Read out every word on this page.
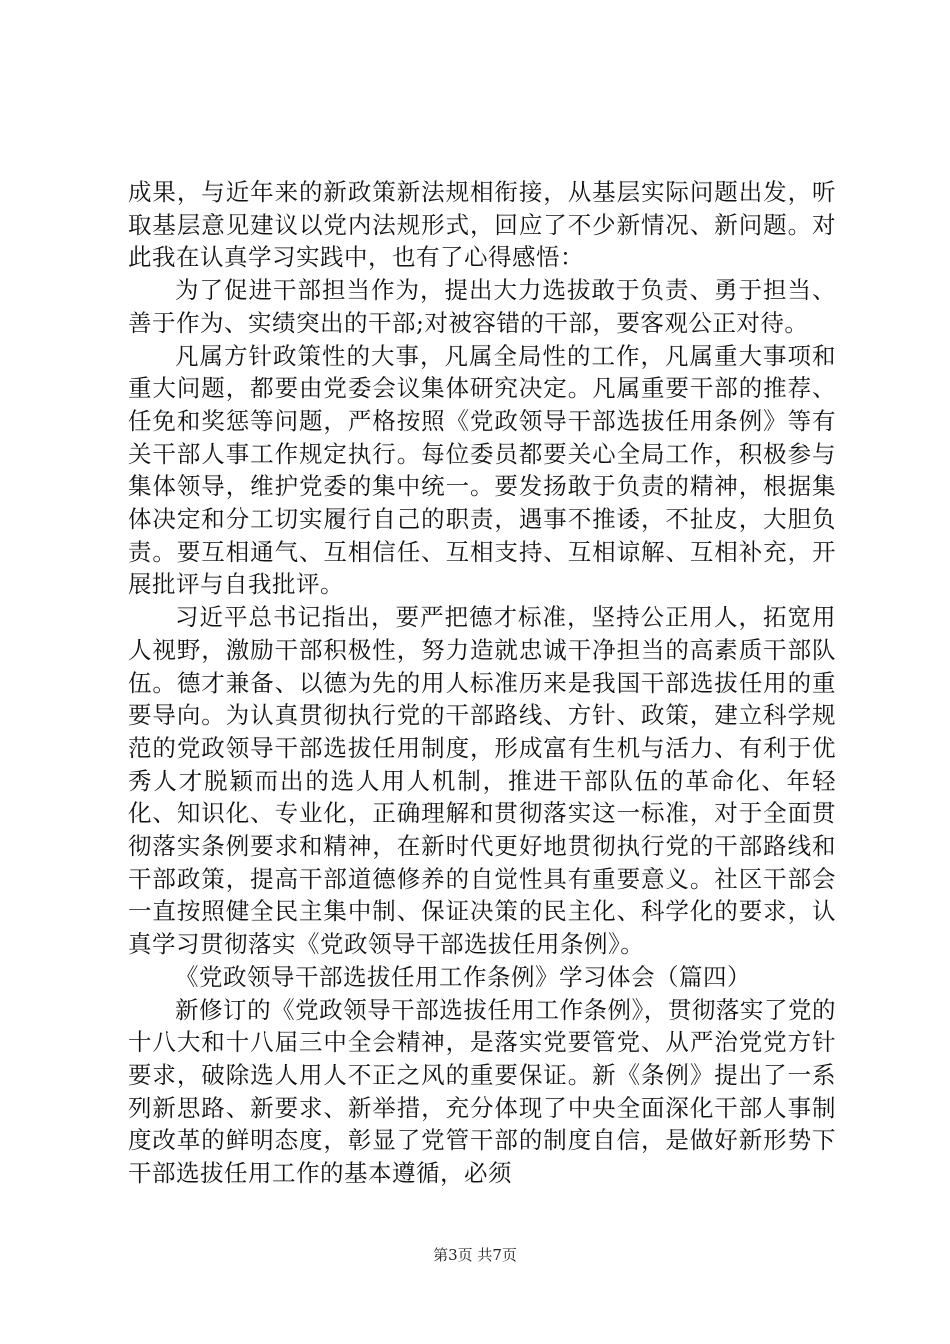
成果，与近年来的新政策新法规相衔接，从基层实际问题出发，听取基层意见建议以党内法规形式，回应了不少新情况、新问题。对此我在认真学习实践中，也有了心得感悟：

为了促进干部担当作为，提出大力选拔敢于负责、勇于担当、善于作为、实绩突出的干部;对被容错的干部，要客观公正对待。

凡属方针政策性的大事，凡属全局性的工作，凡属重大事项和重大问题，都要由党委会议集体研究决定。凡属重要干部的推荐、任免和奖惩等问题，严格按照《党政领导干部选拔任用条例》等有关干部人事工作规定执行。每位委员都要关心全局工作，积极参与集体领导，维护党委的集中统一。要发扬敢于负责的精神，根据集体决定和分工切实履行自己的职责，遇事不推诿，不扯皮，大胆负责。要互相通气、互相信任、互相支持、互相谅解、互相补充，开展批评与自我批评。

习近平总书记指出，要严把德才标准，坚持公正用人，拓宽用人视野，激励干部积极性，努力造就忠诚干净担当的高素质干部队伍。德才兼备、以德为先的用人标准历来是我国干部选拔任用的重要导向。为认真贯彻执行党的干部路线、方针、政策，建立科学规范的党政领导干部选拔任用制度，形成富有生机与活力、有利于优秀人才脱颖而出的选人用人机制，推进干部队伍的革命化、年轻化、知识化、专业化，正确理解和贯彻落实这一标准，对于全面贯彻落实条例要求和精神，在新时代更好地贯彻执行党的干部路线和干部政策，提高干部道德修养的自觉性具有重要意义。社区干部会一直按照健全民主集中制、保证决策的民主化、科学化的要求，认真学习贯彻落实《党政领导干部选拔任用条例》。

《党政领导干部选拔任用工作条例》学习体会（篇四）

新修订的《党政领导干部选拔任用工作条例》，贯彻落实了党的十八大和十八届三中全会精神，是落实党要管党、从严治党党方针要求，破除选人用人不正之风的重要保证。新《条例》提出了一系列新思路、新要求、新举措，充分体现了中央全面深化干部人事制度改革的鲜明态度，彰显了党管干部的制度自信，是做好新形势下干部选拔任用工作的基本遵循，必须

第3页 共7页
